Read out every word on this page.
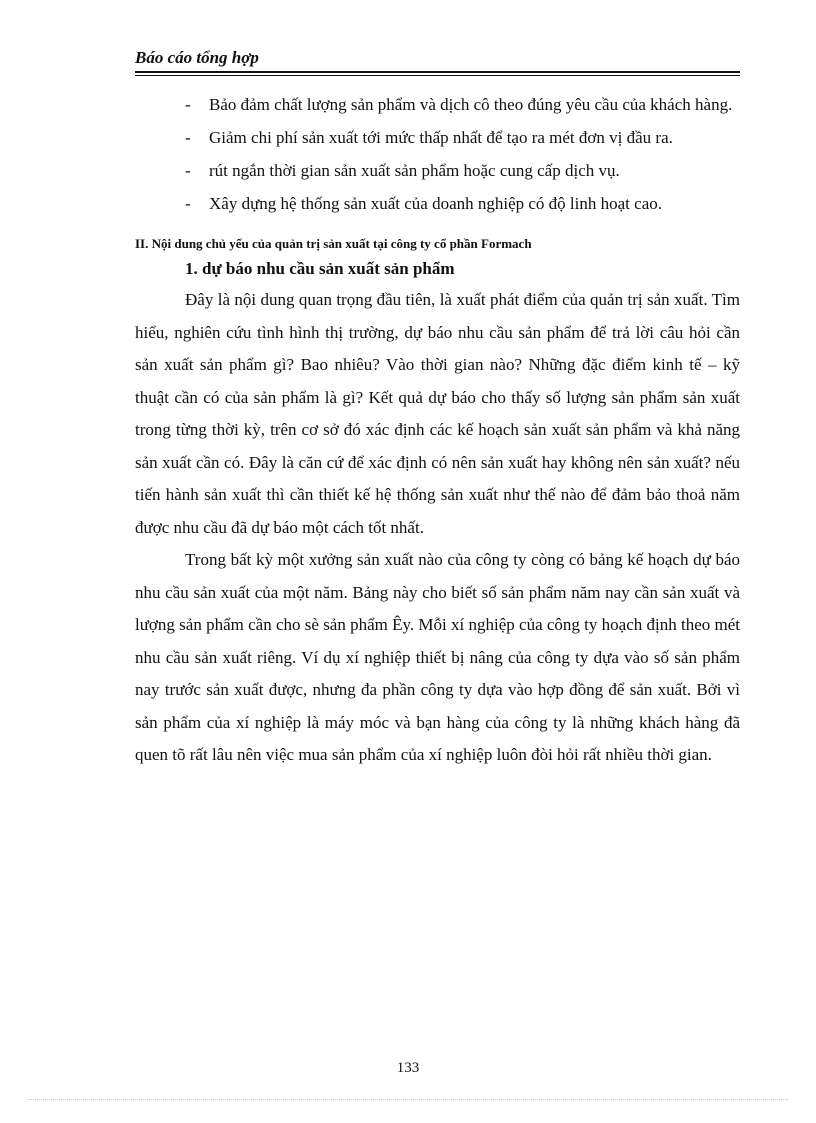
Báo cáo tổng hợp
- Bảo đảm chất lượng sản phẩm và dịch cô theo đúng yêu cầu của khách hàng.
- Giảm chi phí sản xuất tới mức thấp nhất để tạo ra mét đơn vị đầu ra.
- rút ngắn thời gian sản xuất sản phẩm hoặc cung cấp dịch vụ.
- Xây dựng hệ thống sản xuất của doanh nghiệp có độ linh hoạt cao.
II. Nội dung chủ yếu của quản trị sản xuất tại công ty cổ phần Formach
1. dự báo nhu cầu sản xuất sản phẩm

Đây là nội dung quan trọng đầu tiên, là xuất phát điểm của quản trị sản xuất. Tìm hiểu, nghiên cứu tình hình thị trường, dự báo nhu cầu sản phẩm để trả lời câu hỏi cần sản xuất sản phẩm gì? Bao nhiêu? Vào thời gian nào? Những đặc điểm kinh tế – kỹ thuật cần có của sản phẩm là gì? Kết quả dự báo cho thấy số lượng sản phẩm sản xuất trong từng thời kỳ, trên cơ sở đó xác định các kế hoạch sản xuất sản phẩm và khả năng sản xuất cần có. Đây là căn cứ để xác định có nên sản xuất hay không nên sản xuất? nếu tiến hành sản xuất thì cần thiết kế hệ thống sản xuất như thế nào để đảm bảo thoả năm được nhu cầu đã dự báo một cách tốt nhất.

Trong bất kỳ một xưởng sản xuất nào của công ty còng có bảng kế hoạch dự báo nhu cầu sản xuất của một năm. Bảng này cho biết số sản phẩm năm nay cần sản xuất và lượng sản phẩm cần cho sè sản phẩm Êy. Mỗi xí nghiệp của công ty hoạch định theo mét nhu cầu sản xuất riêng. Ví dụ xí nghiệp thiết bị nâng của công ty dựa vào số sản phẩm nay trước sản xuất được, nhưng đa phần công ty dựa vào hợp đồng để sản xuất. Bởi vì sản phẩm của xí nghiệp là máy móc và bạn hàng của công ty là những khách hàng đã quen tõ rất lâu nên việc mua sản phẩm của xí nghiệp luôn đòi hỏi rất nhiều thời gian.

133
